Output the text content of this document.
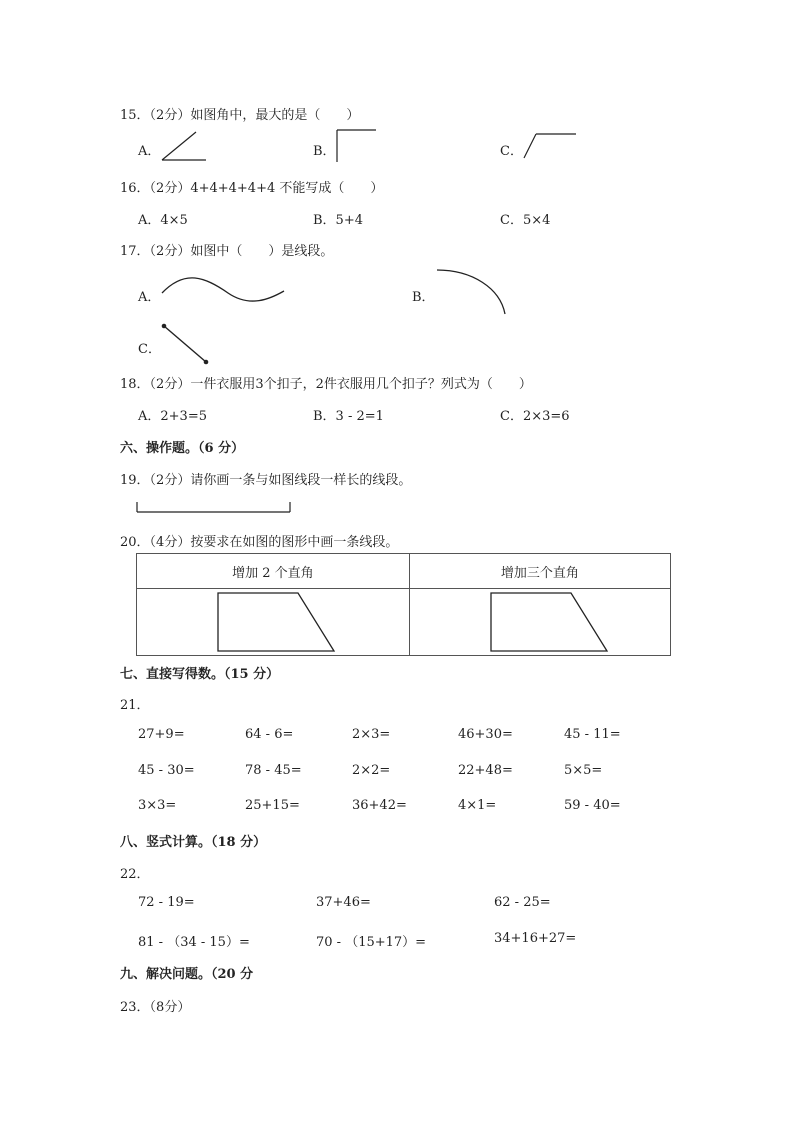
15．（2分）如图角中，最大的是（　　）
A．	B．	C．
16．（2分）4+4+4+4+4 不能写成（　　）
A．4×5	B．5+4	C．5×4
17．（2分）如图中（　　）是线段。
A．	B．
C．
18．（2分）一件衣服用3个扣子，2件衣服用几个扣子？列式为（　　）
A．2+3=5	B．3 - 2=1	C．2×3=6
六、操作题。（6 分）
19．（2分）请你画一条与如图线段一样长的线段。
20．（4分）按要求在如图的图形中画一条线段。
增加 2 个直角	增加三个直角

七、直接写得数。（15 分）
21．
27+9=	64 - 6=	2×3=	46+30=	45 - 11=
45 - 30=	78 - 45=	2×2=	22+48=	5×5=
3×3=	25+15=	36+42=	4×1=	59 - 40=
八、竖式计算。（18 分）
22．
72 - 19=	37+46=	62 - 25=
81 - （34 - 15）=	70 - （15+17）=	34+16+27=
九、解决问题。（20 分
23．（8分）
